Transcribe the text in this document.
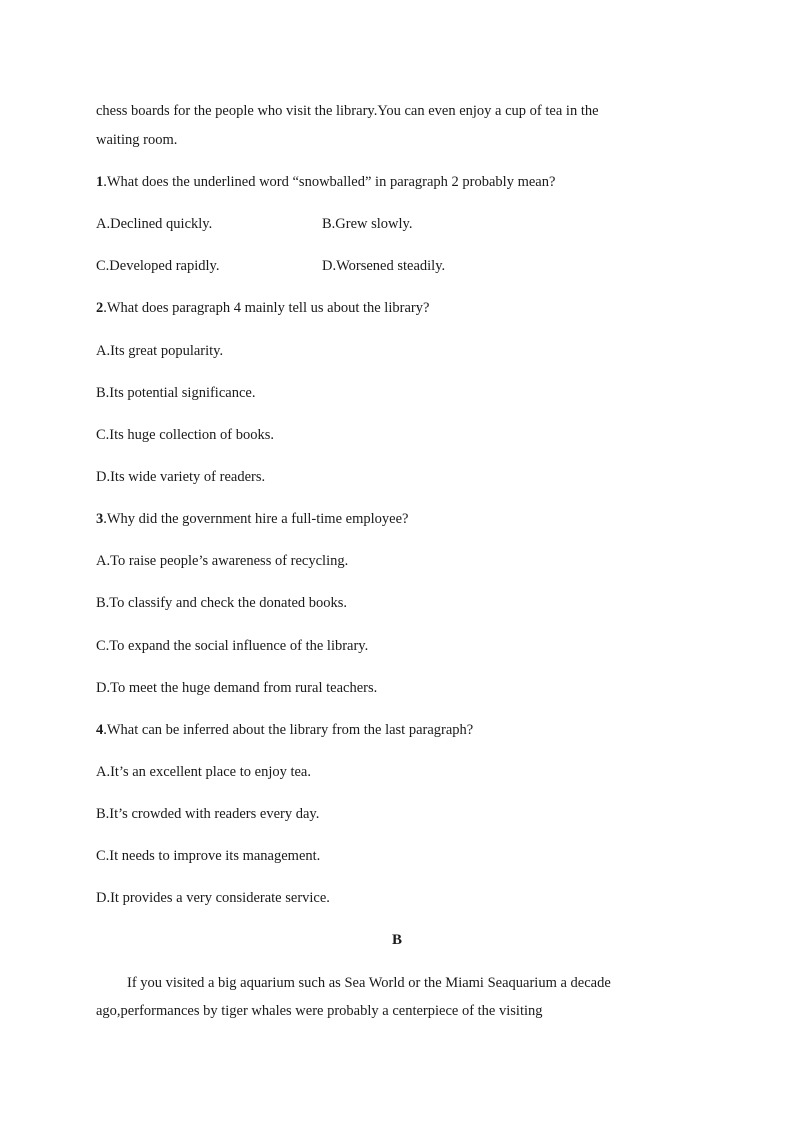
chess boards for the people who visit the library.You can even enjoy a cup of tea in the
waiting room.
1.What does the underlined word “snowballed” in paragraph 2 probably mean?
A.Declined quickly.	B.Grew slowly.
C.Developed rapidly.	D.Worsened steadily.
2.What does paragraph 4 mainly tell us about the library?
A.Its great popularity.
B.Its potential significance.
C.Its huge collection of books.
D.Its wide variety of readers.
3.Why did the government hire a full-time employee?
A.To raise people’s awareness of recycling.
B.To classify and check the donated books.
C.To expand the social influence of the library.
D.To meet the huge demand from rural teachers.
4.What can be inferred about the library from the last paragraph?
A.It’s an excellent place to enjoy tea.
B.It’s crowded with readers every day.
C.It needs to improve its management.
D.It provides a very considerate service.
B
If you visited a big aquarium such as Sea World or the Miami Seaquarium a decade
ago,performances by tiger whales were probably a centerpiece of the visiting
